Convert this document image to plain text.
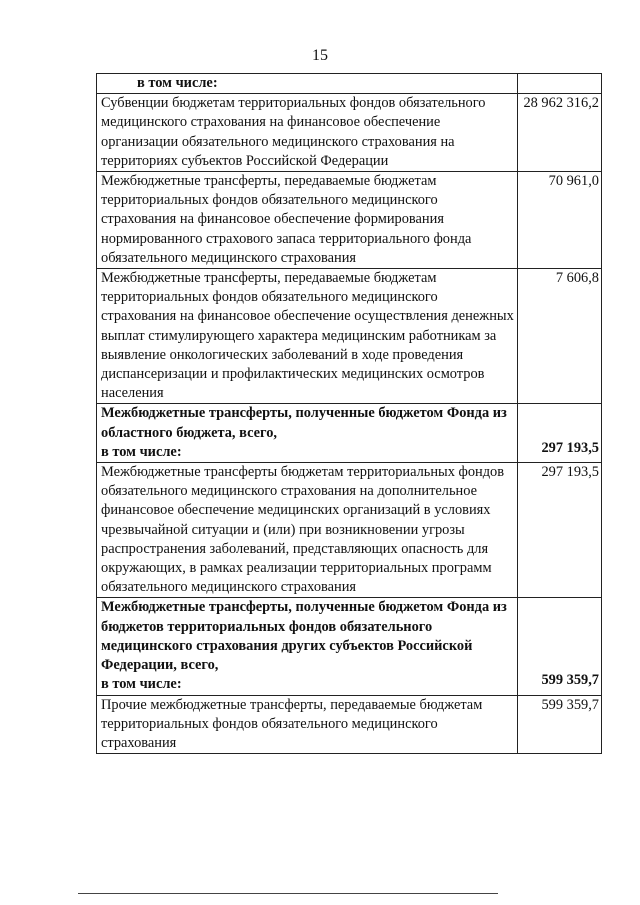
15
в том числе:	
Субвенции бюджетам территориальных фондов обязательного медицинского страхования на финансовое обеспечение организации обязательного медицинского страхования на территориях субъектов Российской Федерации	28 962 316,2
Межбюджетные трансферты, передаваемые бюджетам территориальных фондов обязательного медицинского страхования на финансовое обеспечение формирования нормированного страхового запаса территориального фонда обязательного медицинского страхования	70 961,0
Межбюджетные трансферты, передаваемые бюджетам территориальных фондов обязательного медицинского страхования на финансовое обеспечение осуществления денежных выплат стимулирующего характера медицинским работникам за выявление онкологических заболеваний в ходе проведения диспансеризации и профилактических медицинских осмотров населения	7 606,8

Межбюджетные трансферты, полученные бюджетом Фонда из областного бюджета, всего,
в том числе:	297 193,5
Межбюджетные трансферты бюджетам территориальных фондов обязательного медицинского страхования на дополнительное финансовое обеспечение медицинских организаций в условиях чрезвычайной ситуации и (или) при возникновении угрозы распространения заболеваний, представляющих опасность для окружающих, в рамках реализации территориальных программ обязательного медицинского страхования	297 193,5

Межбюджетные трансферты, полученные бюджетом Фонда из бюджетов территориальных фондов обязательного медицинского страхования других субъектов Российской Федерации, всего,
в том числе:	599 359,7
Прочие межбюджетные трансферты, передаваемые бюджетам территориальных фондов обязательного медицинского страхования	599 359,7
